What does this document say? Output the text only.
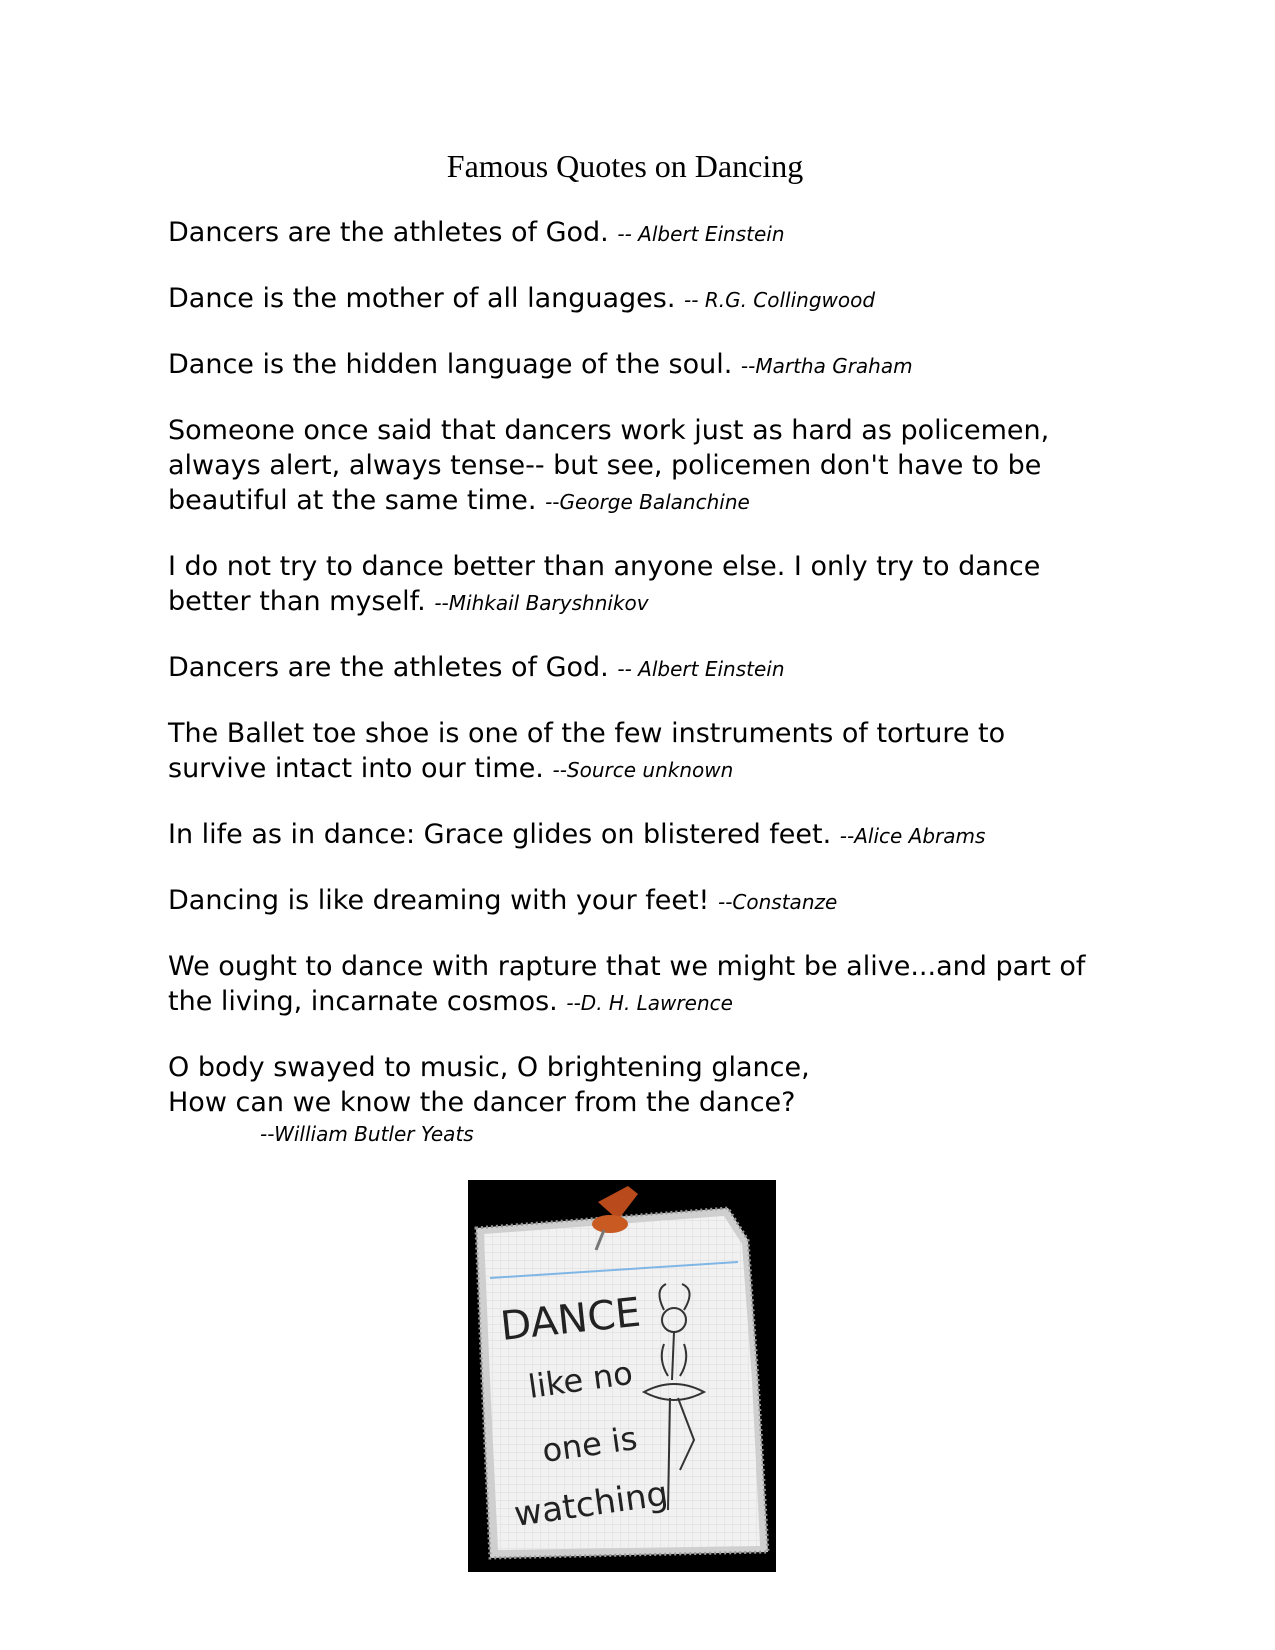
Famous Quotes on Dancing

Dancers are the athletes of God. -- Albert Einstein

Dance is the mother of all languages. -- R.G. Collingwood

Dance is the hidden language of the soul. --Martha Graham

Someone once said that dancers work just as hard as policemen, always alert, always tense-- but see, policemen don't have to be beautiful at the same time. --George Balanchine

I do not try to dance better than anyone else. I only try to dance better than myself. --Mihkail Baryshnikov

Dancers are the athletes of God. -- Albert Einstein

The Ballet toe shoe is one of the few instruments of torture to survive intact into our time. --Source unknown

In life as in dance: Grace glides on blistered feet. --Alice Abrams

Dancing is like dreaming with your feet! --Constanze

We ought to dance with rapture that we might be alive...and part of the living, incarnate cosmos. --D. H. Lawrence

O body swayed to music, O brightening glance,
How can we know the dancer from the dance?
--William Butler Yeats

DANCE
like no
one is
watching
